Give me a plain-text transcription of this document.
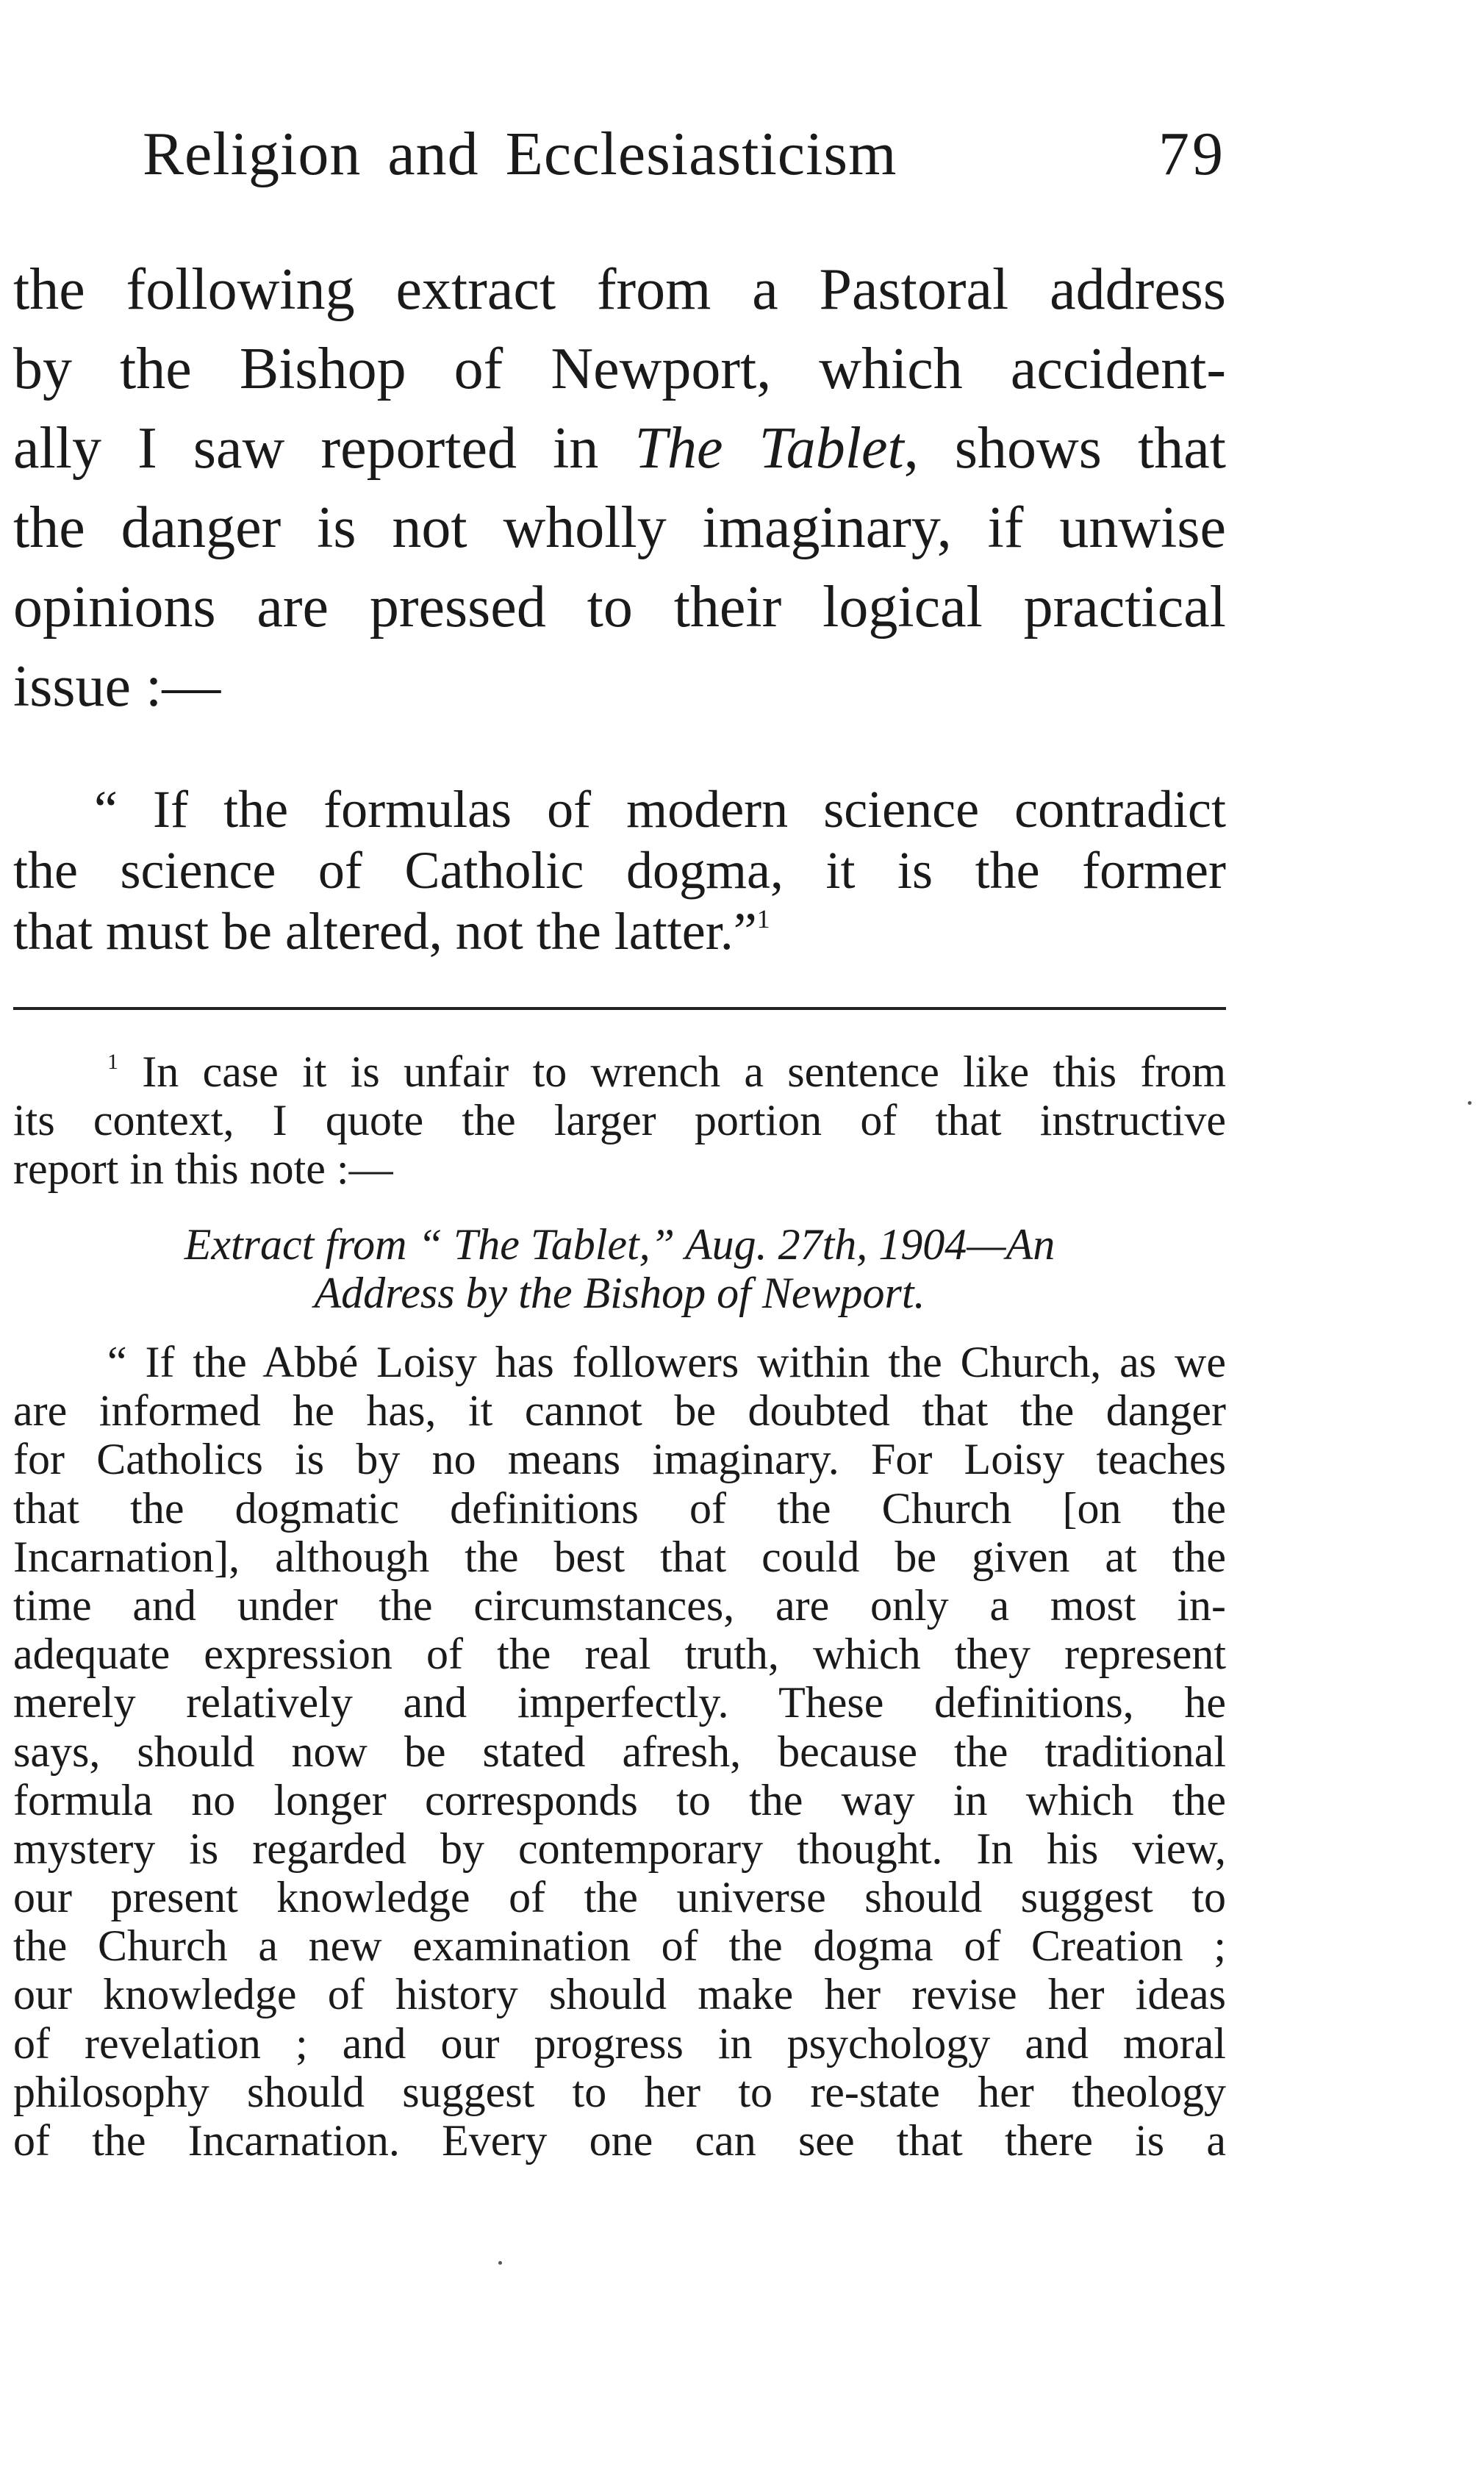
Religion and Ecclesiasticism	79
the following extract from a Pastoral address
by the Bishop of Newport, which accident-
ally I saw reported in The Tablet, shows that
the danger is not wholly imaginary, if unwise
opinions are pressed to their logical practical
issue :—
“ If the formulas of modern science contradict
the science of Catholic dogma, it is the former
that must be altered, not the latter.”$^1$
$^1$ In case it is unfair to wrench a sentence like this from
its context, I quote the larger portion of that instructive
report in this note :—
Extract from “ The Tablet,” Aug. 27th, 1904—An
Address by the Bishop of Newport.
“ If the Abbé Loisy has followers within the Church, as we
are informed he has, it cannot be doubted that the danger
for Catholics is by no means imaginary. For Loisy teaches
that the dogmatic definitions of the Church [on the
Incarnation], although the best that could be given at the
time and under the circumstances, are only a most in-
adequate expression of the real truth, which they represent
merely relatively and imperfectly. These definitions, he
says, should now be stated afresh, because the traditional
formula no longer corresponds to the way in which the
mystery is regarded by contemporary thought. In his view,
our present knowledge of the universe should suggest to
the Church a new examination of the dogma of Creation ;
our knowledge of history should make her revise her ideas
of revelation ; and our progress in psychology and moral
philosophy should suggest to her to re-state her theology
of the Incarnation. Every one can see that there is a
